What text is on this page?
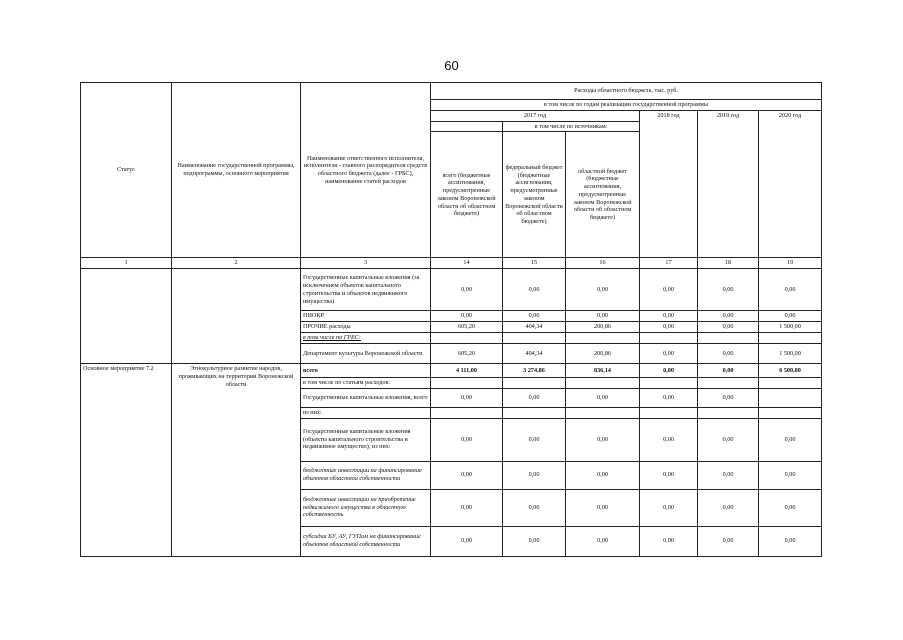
60
Статус	Наименование государственной программы, подпрограммы, основного мероприятия	Наименование ответственного исполнителя, исполнителя - главного распорядителя средств областного бюджета (далее - ГРБС), наименование статей расходов	Расходы областного бюджета, тыс. руб.					
			в том числе по годам реализации государственной программы					
			2017 год			2018 год	2019 год	2020 год
				в том числе по источникам:				
			всего (бюджетные ассигнования, предусмотренные законом Воронежской области об областном бюджете)	федеральный бюджет (бюджетные ассигнования, предусмотренные законом Воронежской области об областном бюджете)	областной бюджет (бюджетные ассигнования, предусмотренные законом Воронежской области об областном бюджете)			
1	2	3	14	15	16	17	18	19
		Государственные капитальные вложения (за исключением объектов капитального строительства и объектов недвижимого имущества)	0,00	0,00	0,00	0,00	0,00	0,00
		НИОКР	0,00	0,00	0,00	0,00	0,00	0,00
		ПРОЧИЕ расходы	605,20	404,34	200,86	0,00	0,00	1 500,00
		в том числе по ГРБС:						
		Департамент культуры Воронежской области	605,20	404,34	200,86	0,00	0,00	1 500,00
Основное мероприятие 7.2	Этнокультурное развитие народов, проживающих на территории Воронежской области	всего	4 111,00	3 274,86	836,14	0,00	0,00	6 500,00
		в том числе по статьям расходов:						
		Государственные капитальные вложения, всего	0,00	0,00	0,00	0,00	0,00	
		из них:						
		Государственные капитальные вложения (объекты капитального строительства и недвижимое имущество), из них:	0,00	0,00	0,00	0,00	0,00	0,00
		бюджетные инвестиции на финансирование объектов областной собственности	0,00	0,00	0,00	0,00	0,00	0,00
		бюджетные инвестиции на приобретение недвижимого имущества в областную собственность	0,00	0,00	0,00	0,00	0,00	0,00
		субсидии БУ, АУ, ГУПам на финансирование объектов областной собственности	0,00	0,00	0,00	0,00	0,00	0,00
